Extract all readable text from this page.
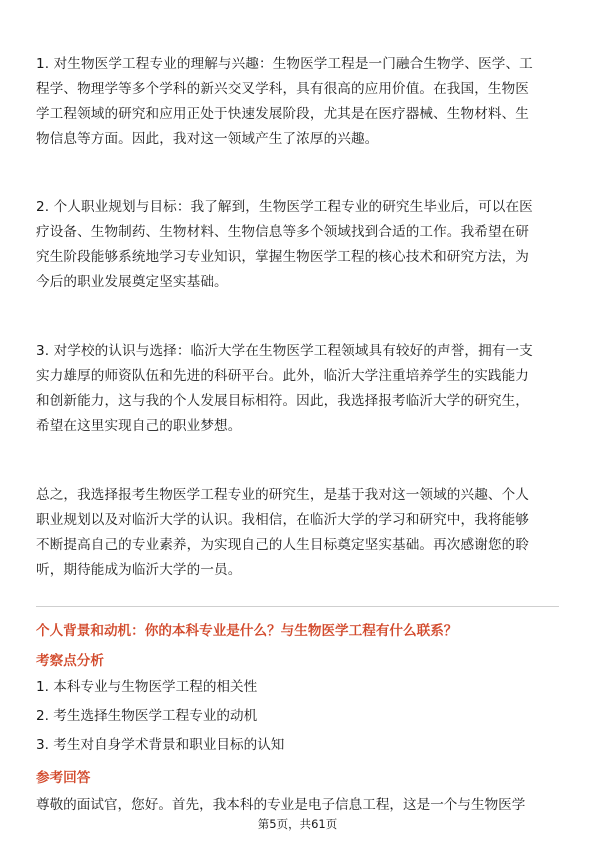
1. 对生物医学工程专业的理解与兴趣：生物医学工程是一门融合生物学、医学、工
程学、物理学等多个学科的新兴交叉学科，具有很高的应用价值。在我国，生物医
学工程领域的研究和应用正处于快速发展阶段，尤其是在医疗器械、生物材料、生
物信息等方面。因此，我对这一领域产生了浓厚的兴趣。

2. 个人职业规划与目标：我了解到，生物医学工程专业的研究生毕业后，可以在医
疗设备、生物制药、生物材料、生物信息等多个领域找到合适的工作。我希望在研
究生阶段能够系统地学习专业知识，掌握生物医学工程的核心技术和研究方法，为
今后的职业发展奠定坚实基础。

3. 对学校的认识与选择：临沂大学在生物医学工程领域具有较好的声誉，拥有一支
实力雄厚的师资队伍和先进的科研平台。此外，临沂大学注重培养学生的实践能力
和创新能力，这与我的个人发展目标相符。因此，我选择报考临沂大学的研究生，
希望在这里实现自己的职业梦想。

总之，我选择报考生物医学工程专业的研究生，是基于我对这一领域的兴趣、个人
职业规划以及对临沂大学的认识。我相信，在临沂大学的学习和研究中，我将能够
不断提高自己的专业素养，为实现自己的人生目标奠定坚实基础。再次感谢您的聆
听，期待能成为临沂大学的一员。

个人背景和动机：你的本科专业是什么？与生物医学工程有什么联系？
考察点分析
1. 本科专业与生物医学工程的相关性
2. 考生选择生物医学工程专业的动机
3. 考生对自身学术背景和职业目标的认知
参考回答
尊敬的面试官，您好。首先，我本科的专业是电子信息工程，这是一个与生物医学
第5页，共61页
